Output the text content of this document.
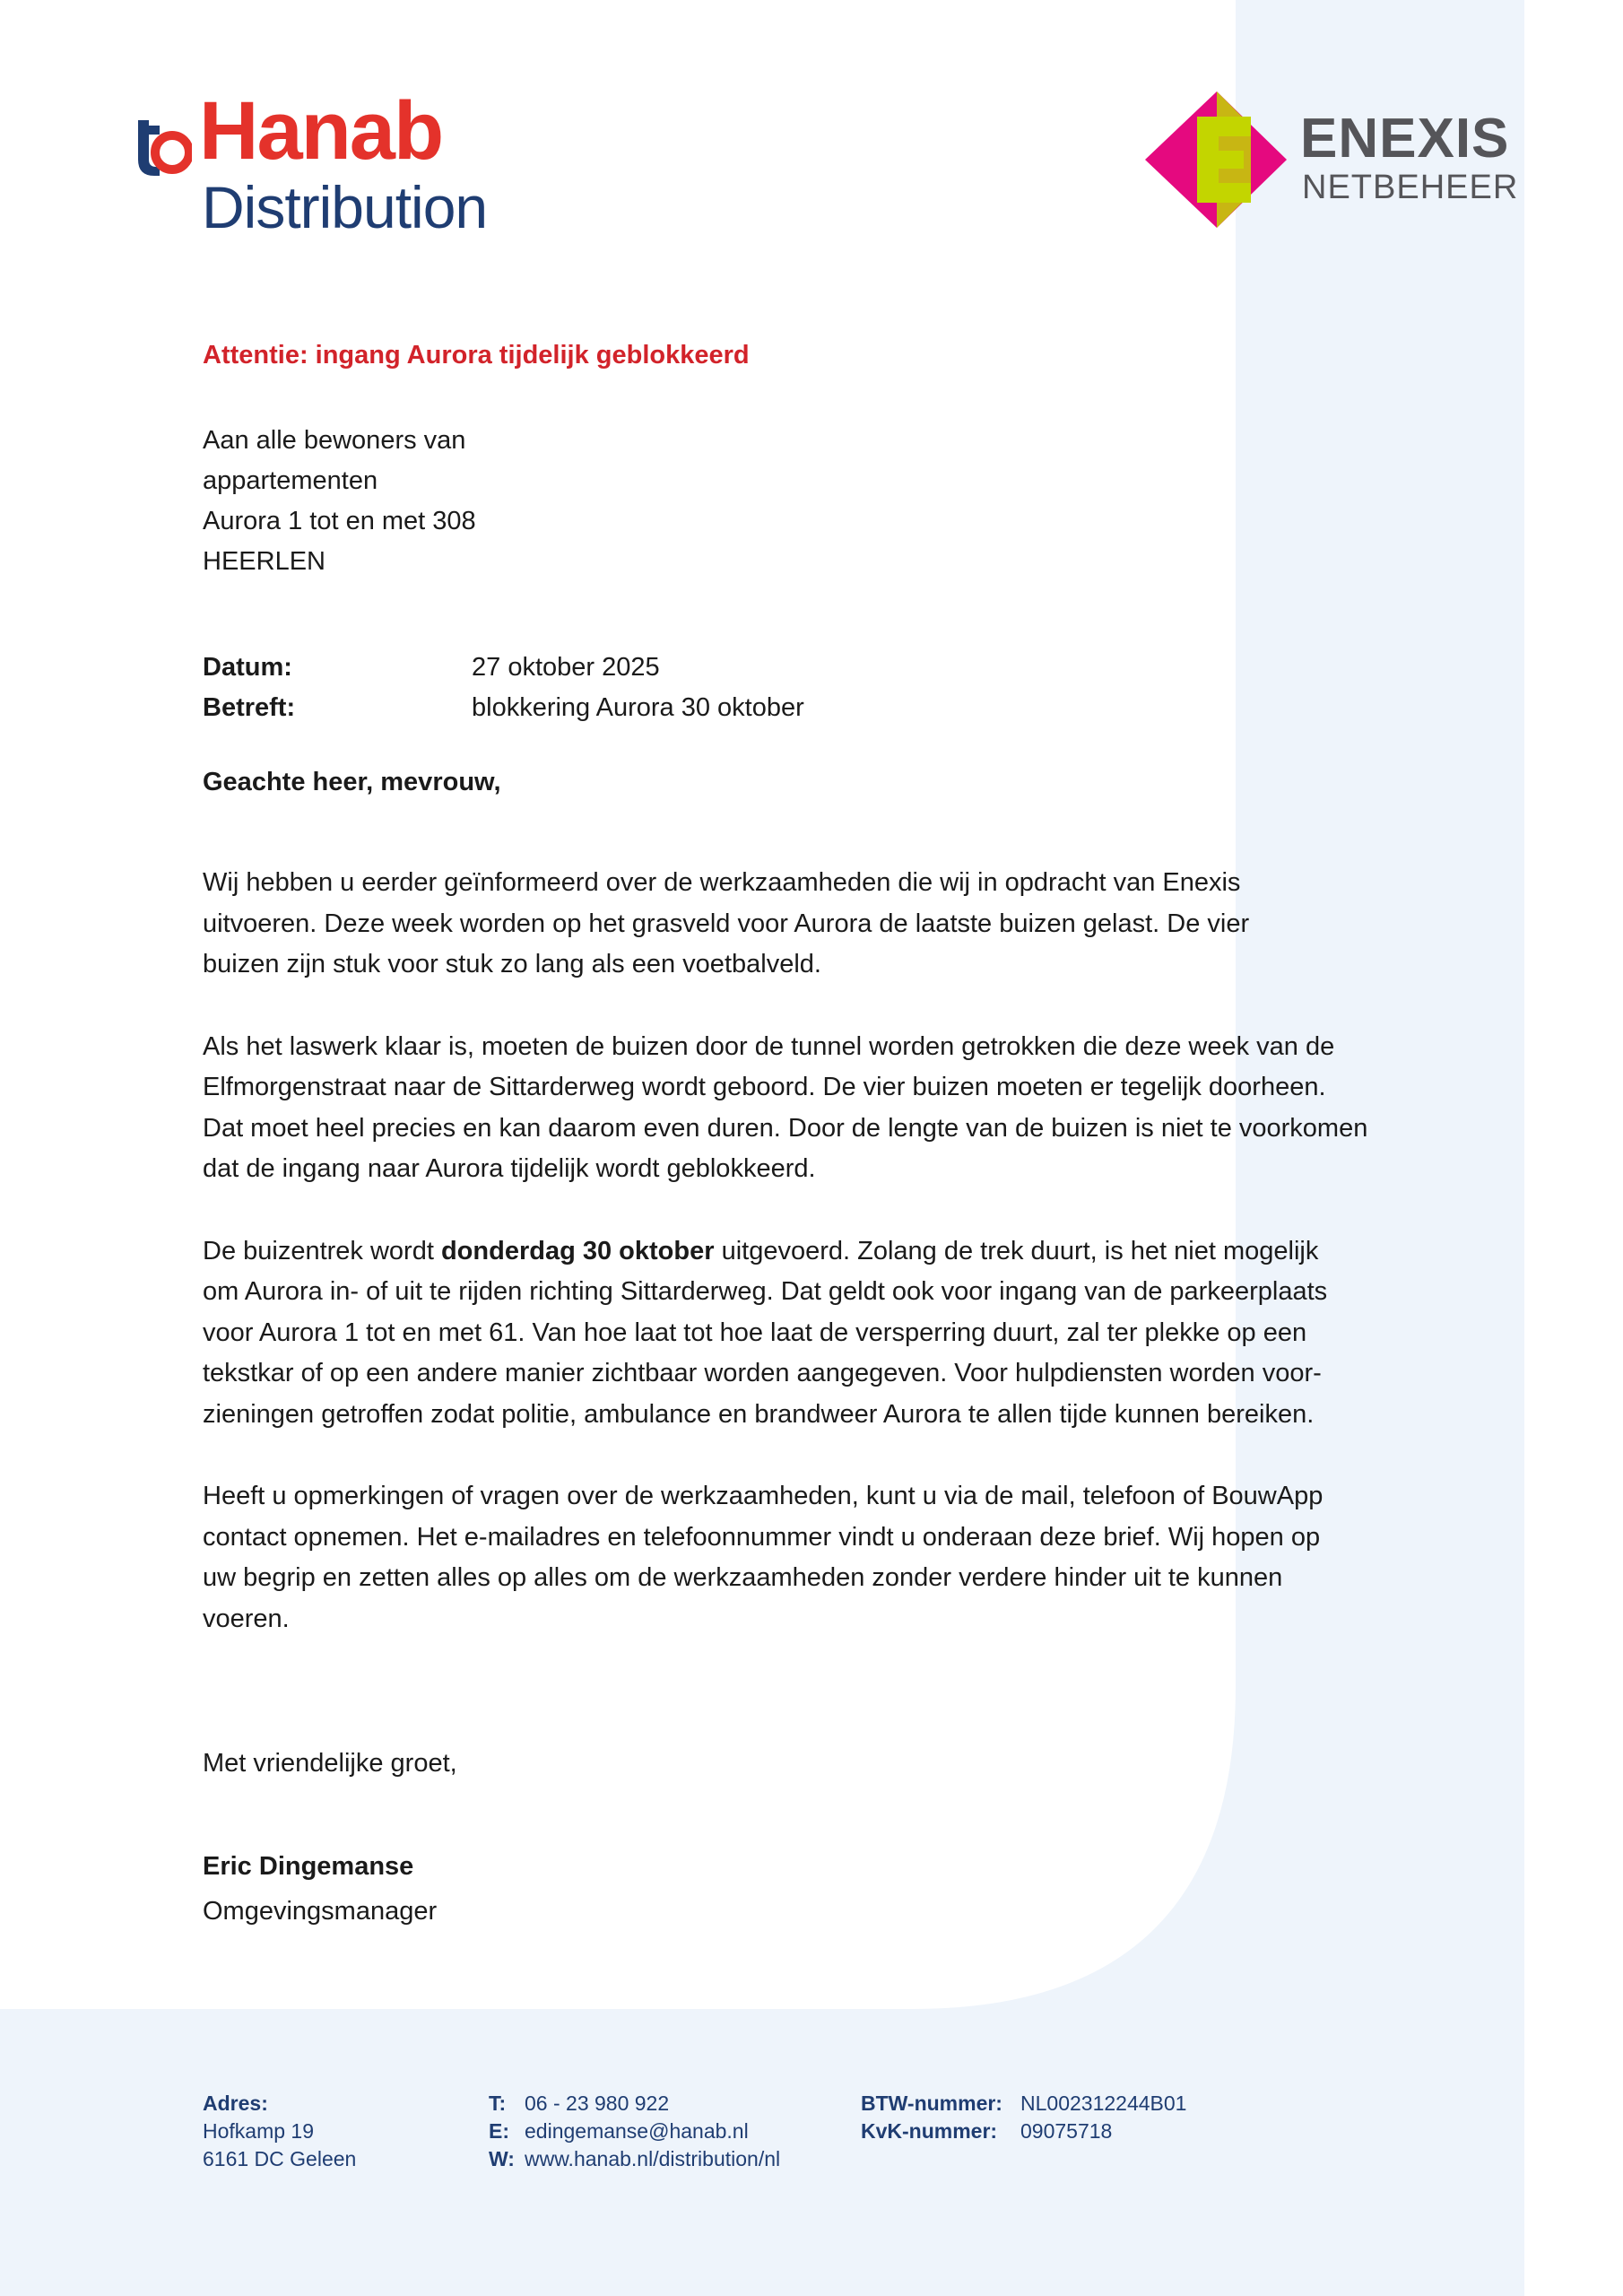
Hanab
Distribution
ENEXIS
NETBEHEER
Attentie: ingang Aurora tijdelijk geblokkeerd
Aan alle bewoners van
appartementen
Aurora 1 tot en met 308
HEERLEN
Datum:	27 oktober 2025
Betreft:	blokkering Aurora 30 oktober
Geachte heer, mevrouw,

Wij hebben u eerder geïnformeerd over de werkzaamheden die wij in opdracht van Enexis
uitvoeren. Deze week worden op het grasveld voor Aurora de laatste buizen gelast. De vier
buizen zijn stuk voor stuk zo lang als een voetbalveld.

Als het laswerk klaar is, moeten de buizen door de tunnel worden getrokken die deze week van de
Elfmorgenstraat naar de Sittarderweg wordt geboord. De vier buizen moeten er tegelijk doorheen.
Dat moet heel precies en kan daarom even duren. Door de lengte van de buizen is niet te voorkomen
dat de ingang naar Aurora tijdelijk wordt geblokkeerd.

De buizentrek wordt donderdag 30 oktober uitgevoerd. Zolang de trek duurt, is het niet mogelijk
om Aurora in- of uit te rijden richting Sittarderweg. Dat geldt ook voor ingang van de parkeerplaats
voor Aurora 1 tot en met 61. Van hoe laat tot hoe laat de versperring duurt, zal ter plekke op een
tekstkar of op een andere manier zichtbaar worden aangegeven. Voor hulpdiensten worden voor-
zieningen getroffen zodat politie, ambulance en brandweer Aurora te allen tijde kunnen bereiken.

Heeft u opmerkingen of vragen over de werkzaamheden, kunt u via de mail, telefoon of BouwApp
contact opnemen. Het e-mailadres en telefoonnummer vindt u onderaan deze brief. Wij hopen op
uw begrip en zetten alles op alles om de werkzaamheden zonder verdere hinder uit te kunnen
voeren.

Met vriendelijke groet,
Eric Dingemanse
Omgevingsmanager
Adres:
Hofkamp 19
6161 DC Geleen
T: 06 - 23 980 922
E: edingemanse@hanab.nl
W: www.hanab.nl/distribution/nl
BTW-nummer: NL002312244B01
KvK-nummer:	09075718
